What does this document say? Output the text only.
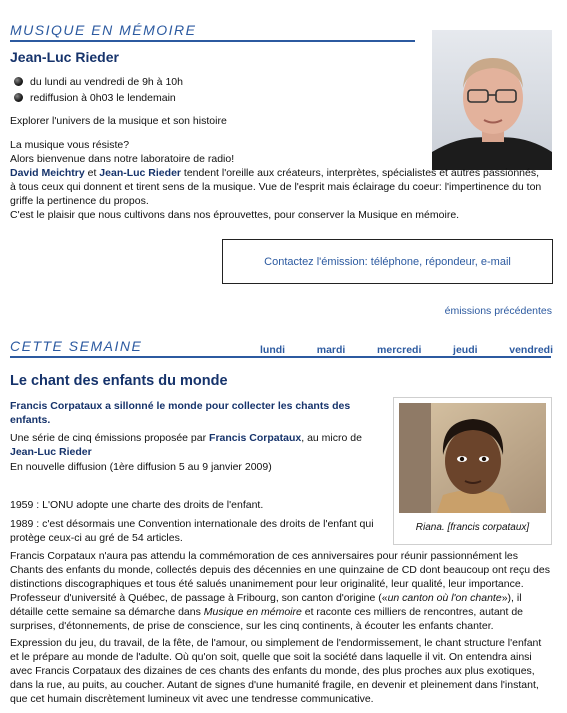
MUSIQUE EN MÉMOIRE
Jean-Luc Rieder
du lundi au vendredi de 9h à 10h
rediffusion à 0h03 le lendemain
Explorer l'univers de la musique et son histoire

La musique vous résiste?

Alors bienvenue dans notre laboratoire de radio!

David Meichtry et Jean-Luc Rieder tendent l'oreille aux créateurs, interprètes, spécialistes et autres passionnés, à tous ceux qui donnent et tirent sens de la musique. Vue de l'esprit mais éclairage du coeur: l'impertinence du ton griffe la pertinence du propos.

C'est le plaisir que nous cultivons dans nos éprouvettes, pour conserver la Musique en mémoire.

Contactez l'émission: téléphone, répondeur, e-mail
émissions précédentes
CETTE SEMAINE	lundi	mardi	mercredi	jeudi	vendredi
Le chant des enfants du monde
Francis Corpataux a sillonné le monde pour collecter les chants des enfants.
Une série de cinq émissions proposée par Francis Corpataux, au micro de
Jean-Luc Rieder
En nouvelle diffusion (1ère diffusion 5 au 9 janvier 2009)
1959 : L'ONU adopte une charte des droits de l'enfant.
1989 : c'est désormais une Convention internationale des droits de l'enfant qui protège ceux-ci au gré de 54 articles.
Riana. [francis corpataux]

Francis Corpataux n'aura pas attendu la commémoration de ces anniversaires pour réunir passionnément les Chants des enfants du monde, collectés depuis des décennies en une quinzaine de CD dont beaucoup ont reçu des distinctions discographiques et tous été salués unanimement pour leur originalité, leur qualité, leur importance. Professeur d'université à Québec, de passage à Fribourg, son canton d'origine («un canton où l'on chante»), il détaille cette semaine sa démarche dans Musique en mémoire et raconte ces milliers de rencontres, autant de surprises, d'étonnements, de prise de conscience, sur les cinq continents, à écouter les enfants chanter.

Expression du jeu, du travail, de la fête, de l'amour, ou simplement de l'endormissement, le chant structure l'enfant et le prépare au monde de l'adulte. Où qu'on soit, quelle que soit la société dans laquelle il vit. On entendra ainsi avec Francis Corpataux des dizaines de ces chants des enfants du monde, des plus proches aux plus exotiques, dans la rue, au puits, au coucher. Autant de signes d'une humanité fragile, en devenir et pleinement dans l'instant, que cet humain discrètement lumineux vit avec une tendresse communicative.
